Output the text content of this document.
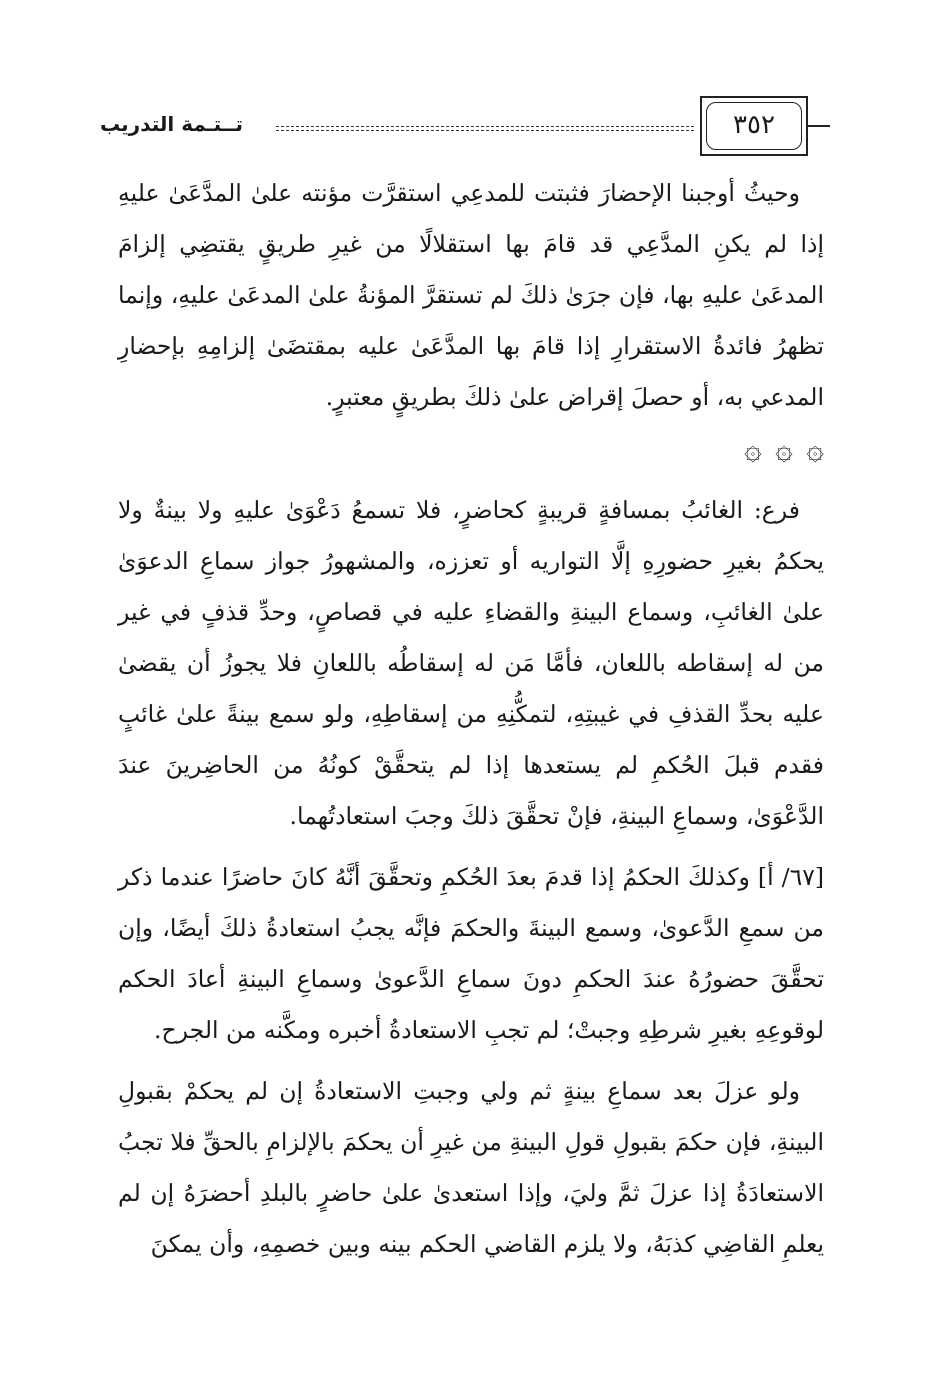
تــتـمة التدريب	٣٥٢

وحيثُ أوجبنا الإحضارَ فثبتت للمدعِي استقرَّت مؤنته علىٰ المدَّعَىٰ عليهِ إذا لم يكنِ المدَّعِي قد قامَ بها استقلالًا من غيرِ طريقٍ يقتضِي إلزامَ المدعَىٰ عليهِ بها، فإن جرَىٰ ذلكَ لم تستقرَّ المؤنةُ علىٰ المدعَىٰ عليهِ، وإنما تظهرُ فائدةُ الاستقرارِ إذا قامَ بها المدَّعَىٰ عليه بمقتضَىٰ إلزامِهِ بإحضارِ المدعي به، أو حصلَ إقراض علىٰ ذلكَ بطريقٍ معتبرٍ.

۞ ۞ ۞

فرع: الغائبُ بمسافةٍ قريبةٍ كحاضرٍ، فلا تسمعُ دَعْوَىٰ عليهِ ولا بينةٌ ولا يحكمُ بغيرِ حضورِهِ إلَّا التواريه أو تعززه، والمشهورُ جواز سماعِ الدعوَىٰ علىٰ الغائبِ، وسماع البينةِ والقضاءِ عليه في قصاصٍ، وحدِّ قذفٍ في غير من له إسقاطه باللعان، فأمَّا مَن له إسقاطُه باللعانِ فلا يجوزُ أن يقضىٰ عليه بحدِّ القذفِ في غيبتِهِ، لتمكُّنِهِ من إسقاطِهِ، ولو سمع بينةً علىٰ غائبٍ فقدم قبلَ الحُكمِ لم يستعدها إذا لم يتحقَّقْ كونُهُ من الحاضِرينَ عندَ الدَّعْوَىٰ، وسماعِ البينةِ، فإنْ تحقَّقَ ذلكَ وجبَ استعادتُهما.

[٦٧/ أ] وكذلكَ الحكمُ إذا قدمَ بعدَ الحُكمِ وتحقَّقَ أنَّهُ كانَ حاضرًا عندما ذكر من سمعِ الدَّعوىٰ، وسمع البينةَ والحكمَ فإنَّه يجبُ استعادةُ ذلكَ أيضًا، وإن تحقَّقَ حضورُهُ عندَ الحكمِ دونَ سماعِ الدَّعوىٰ وسماعِ البينةِ أعادَ الحكم لوقوعِهِ بغيرِ شرطِهِ وجبتْ؛ لم تجبِ الاستعادةُ أخبره ومكَّنه من الجرح.

ولو عزلَ بعد سماعِ بينةٍ ثم ولي وجبتِ الاستعادةُ إن لم يحكمْ بقبولِ البينةِ، فإن حكمَ بقبولِ قولِ البينةِ من غيرِ أن يحكمَ بالإلزامِ بالحقِّ فلا تجبُ الاستعادَةُ إذا عزلَ ثمَّ وليَ، وإذا استعدىٰ علىٰ حاضرٍ بالبلدِ أحضرَهُ إن لم يعلمِ القاضِي كذبَهُ، ولا يلزم القاضي الحكم بينه وبين خصمِهِ، وأن يمكنَ
